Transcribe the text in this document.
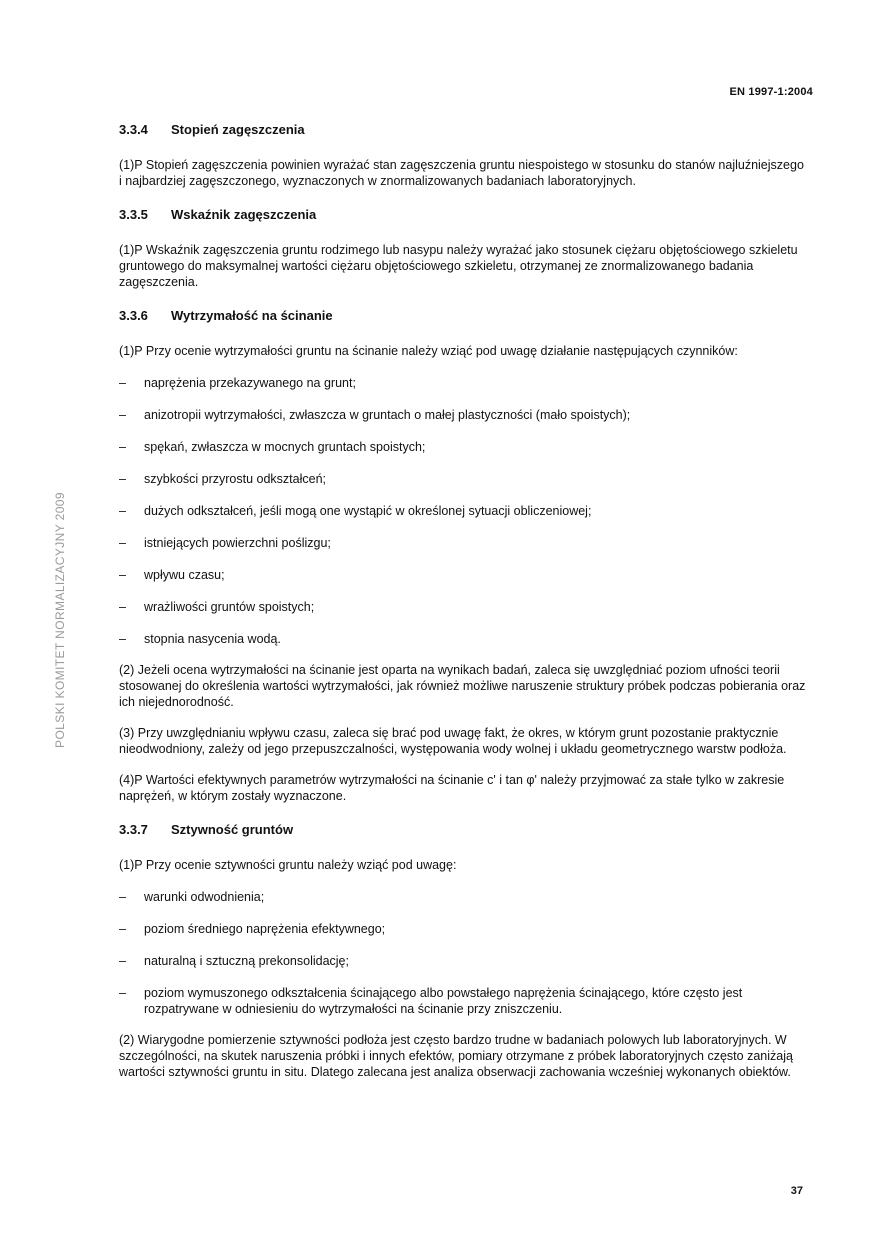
EN 1997-1:2004
POLSKI KOMITET NORMALIZACYJNY 2009
3.3.4 Stopień zagęszczenia

(1)P Stopień zagęszczenia powinien wyrażać stan zagęszczenia gruntu niespoistego w stosunku do stanów najluźniejszego i najbardziej zagęszczonego, wyznaczonych w znormalizowanych badaniach laboratoryjnych.

3.3.5 Wskaźnik zagęszczenia

(1)P Wskaźnik zagęszczenia gruntu rodzimego lub nasypu należy wyrażać jako stosunek ciężaru objętościowego szkieletu gruntowego do maksymalnej wartości ciężaru objętościowego szkieletu, otrzymanej ze znormalizowanego badania zagęszczenia.

3.3.6 Wytrzymałość na ścinanie

(1)P Przy ocenie wytrzymałości gruntu na ścinanie należy wziąć pod uwagę działanie następujących czynników:

– naprężenia przekazywanego na grunt;
– anizotropii wytrzymałości, zwłaszcza w gruntach o małej plastyczności (mało spoistych);
– spękań, zwłaszcza w mocnych gruntach spoistych;
– szybkości przyrostu odkształceń;
– dużych odkształceń, jeśli mogą one wystąpić w określonej sytuacji obliczeniowej;
– istniejących powierzchni poślizgu;
– wpływu czasu;
– wrażliwości gruntów spoistych;
– stopnia nasycenia wodą.

(2) Jeżeli ocena wytrzymałości na ścinanie jest oparta na wynikach badań, zaleca się uwzględniać poziom ufności teorii stosowanej do określenia wartości wytrzymałości, jak również możliwe naruszenie struktury próbek podczas pobierania oraz ich niejednorodność.

(3) Przy uwzględnianiu wpływu czasu, zaleca się brać pod uwagę fakt, że okres, w którym grunt pozostanie praktycznie nieodwodniony, zależy od jego przepuszczalności, występowania wody wolnej i układu geometrycznego warstw podłoża.

(4)P Wartości efektywnych parametrów wytrzymałości na ścinanie c' i tan φ' należy przyjmować za stałe tylko w zakresie naprężeń, w którym zostały wyznaczone.

3.3.7 Sztywność gruntów

(1)P Przy ocenie sztywności gruntu należy wziąć pod uwagę:

– warunki odwodnienia;
– poziom średniego naprężenia efektywnego;
– naturalną i sztuczną prekonsolidację;
– poziom wymuszonego odkształcenia ścinającego albo powstałego naprężenia ścinającego, które często jest rozpatrywane w odniesieniu do wytrzymałości na ścinanie przy zniszczeniu.

(2) Wiarygodne pomierzenie sztywności podłoża jest często bardzo trudne w badaniach polowych lub laboratoryjnych. W szczególności, na skutek naruszenia próbki i innych efektów, pomiary otrzymane z próbek laboratoryjnych często zaniżają wartości sztywności gruntu in situ. Dlatego zalecana jest analiza obserwacji zachowania wcześniej wykonanych obiektów.

37
